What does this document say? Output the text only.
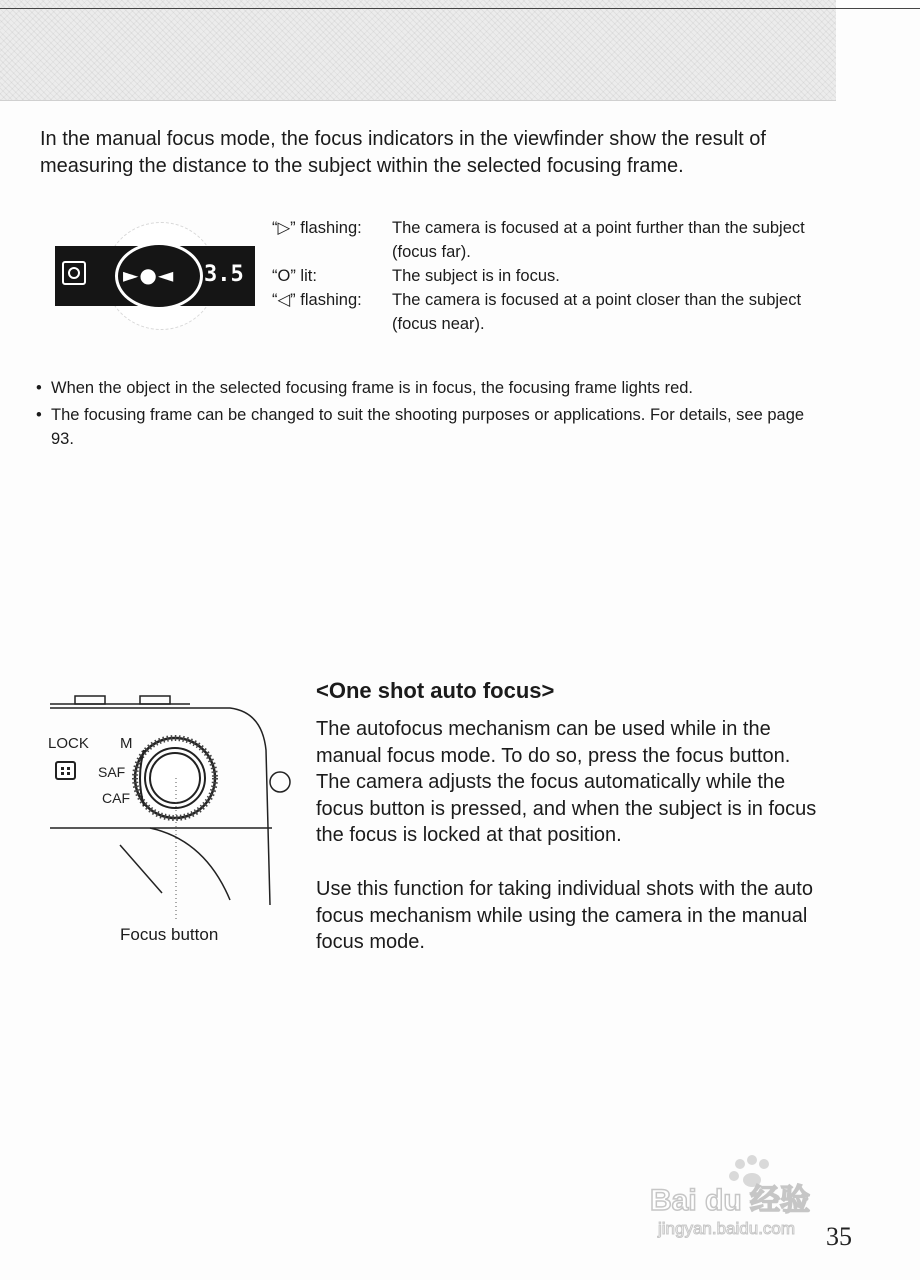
In the manual focus mode, the focus indicators in the viewfinder show the result of measuring the distance to the subject within the selected focusing frame.

►●◄ 3.5
“▷” flashing:	The camera is focused at a point further than the subject (focus far).
“O” lit:	The subject is in focus.
“◁” flashing:	The camera is focused at a point closer than the subject (focus near).
• When the object in the selected focusing frame is in focus, the focusing frame lights red.
• The focusing frame can be changed to suit the shooting purposes or applications. For details, see page 93.
LOCK M
SAF
CAF
Focus button
<One shot auto focus>

The autofocus mechanism can be used while in the manual focus mode. To do so, press the focus button. The camera adjusts the focus automatically while the focus button is pressed, and when the subject is in focus the focus is locked at that position.

Use this function for taking individual shots with the auto focus mechanism while using the camera in the manual focus mode.

Bai du 经验
jingyan.baidu.com 35
